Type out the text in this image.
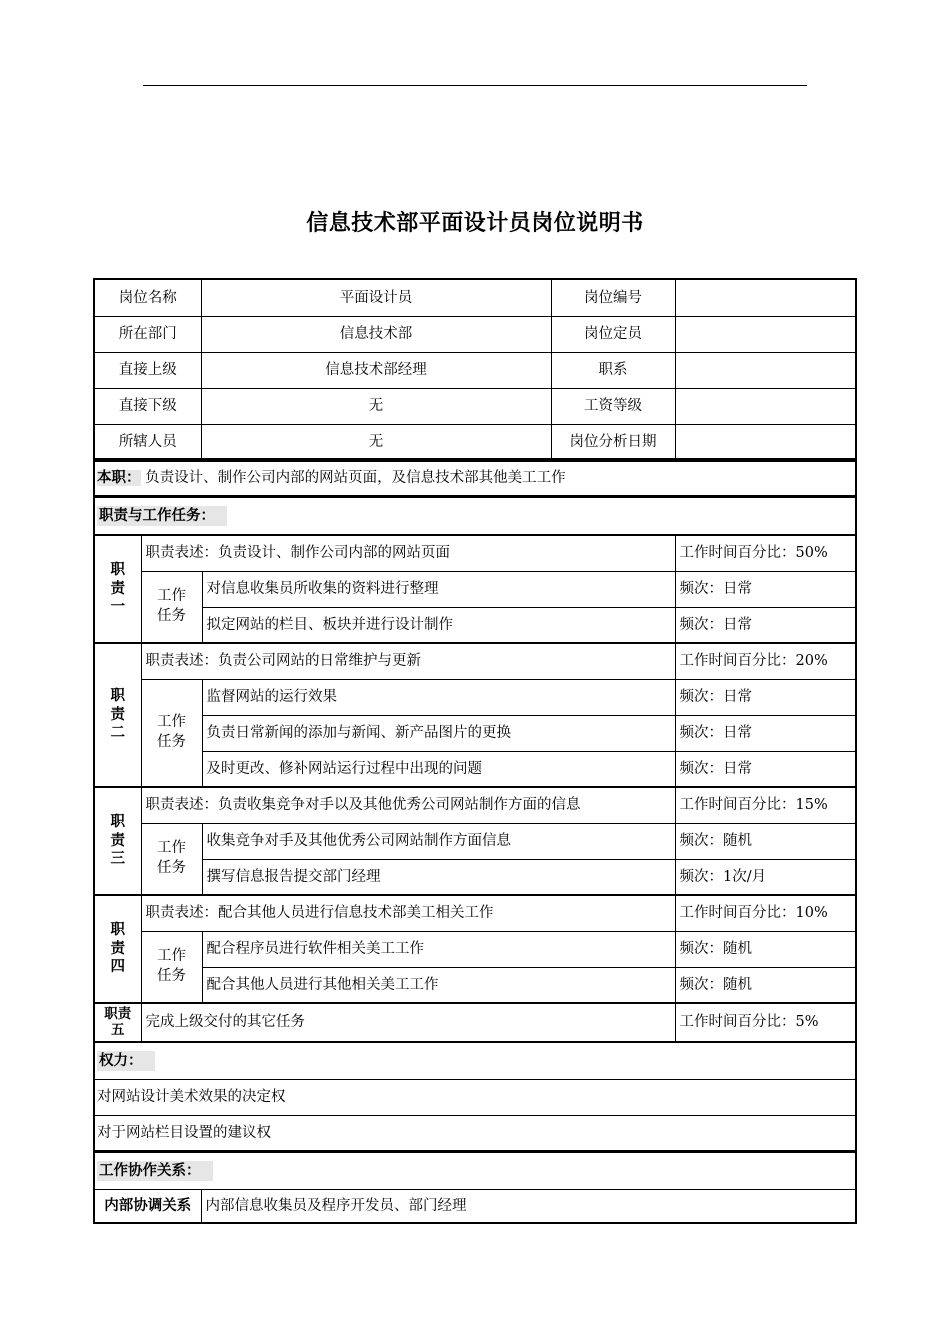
信息技术部平面设计员岗位说明书
岗位名称	平面设计员	岗位编号	
所在部门	信息技术部	岗位定员	
直接上级	信息技术部经理	职系	
直接下级	无	工资等级	
所辖人员	无	岗位分析日期	
本职： 负责设计、制作公司内部的网站页面，及信息技术部其他美工工作
职责与工作任务：			
职责一	职责表述：负责设计、制作公司内部的网站页面		工作时间百分比：50%
	工作任务	对信息收集员所收集的资料进行整理	频次：日常
		拟定网站的栏目、板块并进行设计制作	频次：日常
职责二	职责表述：负责公司网站的日常维护与更新		工作时间百分比：20%
	工作任务	监督网站的运行效果	频次：日常
		负责日常新闻的添加与新闻、新产品图片的更换	频次：日常
		及时更改、修补网站运行过程中出现的问题	频次：日常
职责三	职责表述：负责收集竞争对手以及其他优秀公司网站制作方面的信息		工作时间百分比：15%
	工作任务	收集竞争对手及其他优秀公司网站制作方面信息	频次：随机
		撰写信息报告提交部门经理	频次：1次/月
职责四	职责表述：配合其他人员进行信息技术部美工相关工作		工作时间百分比：10%
	工作任务	配合程序员进行软件相关美工工作	频次：随机
		配合其他人员进行其他相关美工工作	频次：随机
职责五	完成上级交付的其它任务		工作时间百分比：5%
权力：
对网站设计美术效果的决定权
对于网站栏目设置的建议权
工作协作关系：
内部协调关系	内部信息收集员及程序开发员、部门经理
